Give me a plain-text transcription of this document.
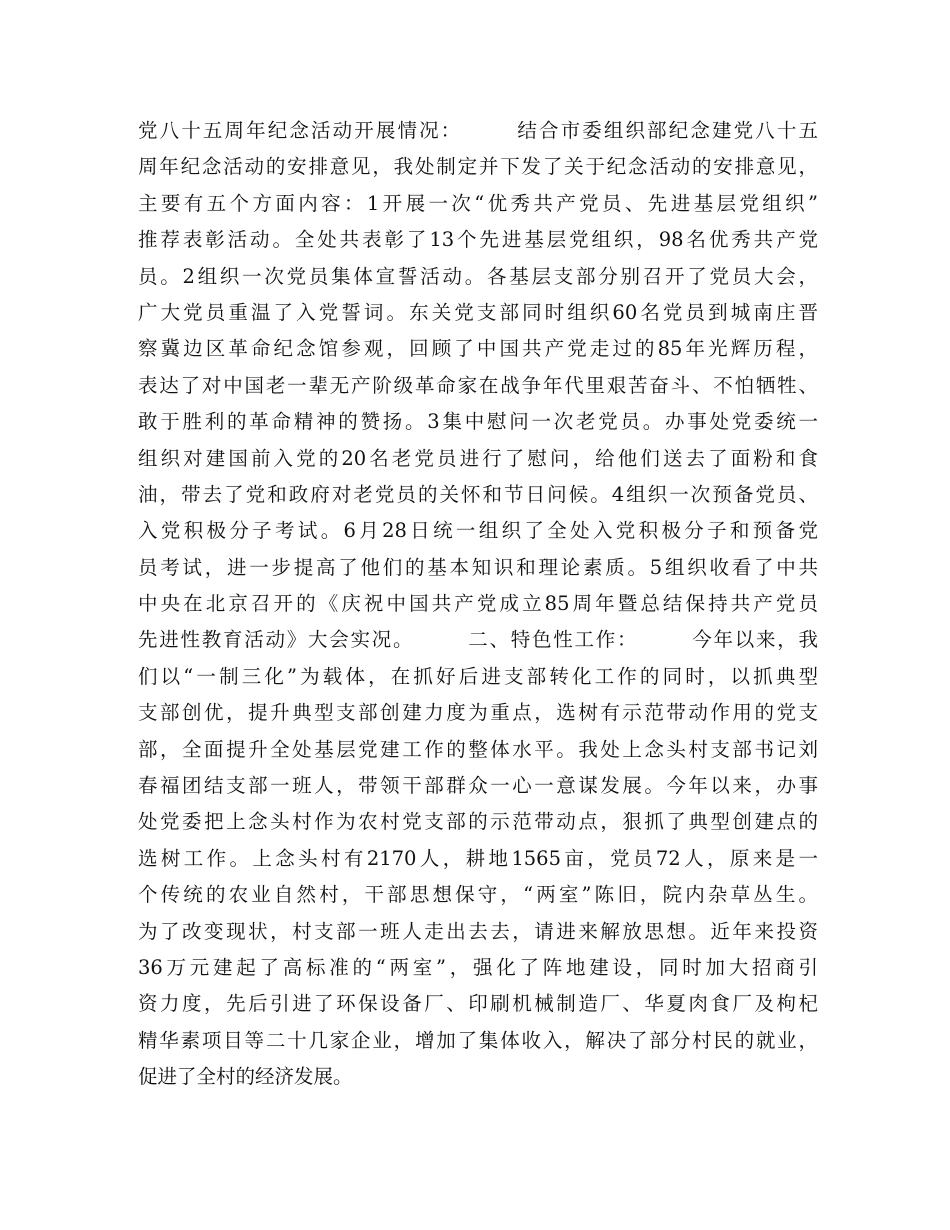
党八十五周年纪念活动开展情况：　　　结合市委组织部纪念建党八十五
周年纪念活动的安排意见，我处制定并下发了关于纪念活动的安排意见，
主要有五个方面内容：1开展一次“优秀共产党员、先进基层党组织”
推荐表彰活动。全处共表彰了13个先进基层党组织，98名优秀共产党
员。2组织一次党员集体宣誓活动。各基层支部分别召开了党员大会，
广大党员重温了入党誓词。东关党支部同时组织60名党员到城南庄晋
察冀边区革命纪念馆参观，回顾了中国共产党走过的85年光辉历程，
表达了对中国老一辈无产阶级革命家在战争年代里艰苦奋斗、不怕牺牲、
敢于胜利的革命精神的赞扬。3集中慰问一次老党员。办事处党委统一
组织对建国前入党的20名老党员进行了慰问，给他们送去了面粉和食
油，带去了党和政府对老党员的关怀和节日问候。4组织一次预备党员、
入党积极分子考试。6月28日统一组织了全处入党积极分子和预备党
员考试，进一步提高了他们的基本知识和理论素质。5组织收看了中共
中央在北京召开的《庆祝中国共产党成立85周年暨总结保持共产党员
先进性教育活动》大会实况。　　　二、特色性工作：　　　今年以来，我
们以“一制三化”为载体，在抓好后进支部转化工作的同时，以抓典型
支部创优，提升典型支部创建力度为重点，选树有示范带动作用的党支
部，全面提升全处基层党建工作的整体水平。我处上念头村支部书记刘
春福团结支部一班人，带领干部群众一心一意谋发展。今年以来，办事
处党委把上念头村作为农村党支部的示范带动点，狠抓了典型创建点的
选树工作。上念头村有2170人，耕地1565亩，党员72人，原来是一
个传统的农业自然村，干部思想保守，“两室”陈旧，院内杂草丛生。
为了改变现状，村支部一班人走出去去，请进来解放思想。近年来投资
36万元建起了高标准的“两室”，强化了阵地建设，同时加大招商引
资力度，先后引进了环保设备厂、印刷机械制造厂、华夏肉食厂及枸杞
精华素项目等二十几家企业，增加了集体收入，解决了部分村民的就业，
促进了全村的经济发展。
